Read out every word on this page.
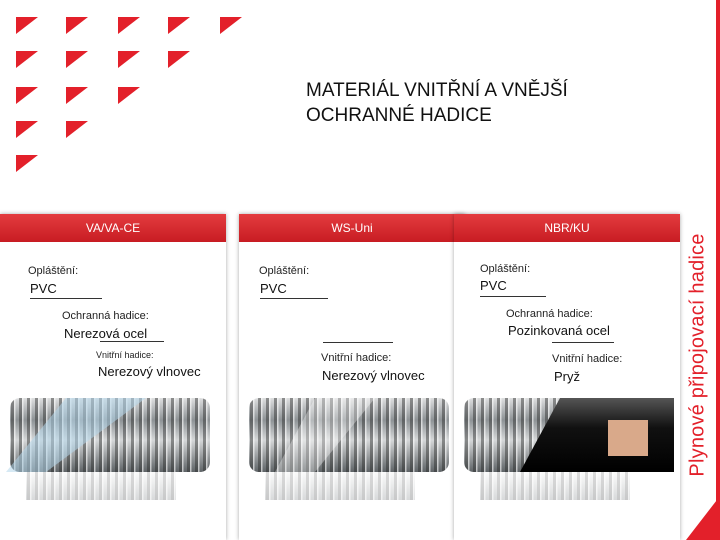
MATERIÁL VNITŘNÍ A VNĚJŠÍ
OCHRANNÉ HADICE
Plynové připojovací hadice
VA/VA-CE
Opláštění:
PVC
Ochranná hadice:
Nerezová ocel
Vnitřní hadice:
Nerezový vlnovec
WS-Uni
Opláštění:
PVC
Vnitřní hadice:
Nerezový vlnovec
NBR/KU
Opláštění:
PVC
Ochranná hadice:
Pozinkovaná ocel
Vnitřní hadice:
Pryž
